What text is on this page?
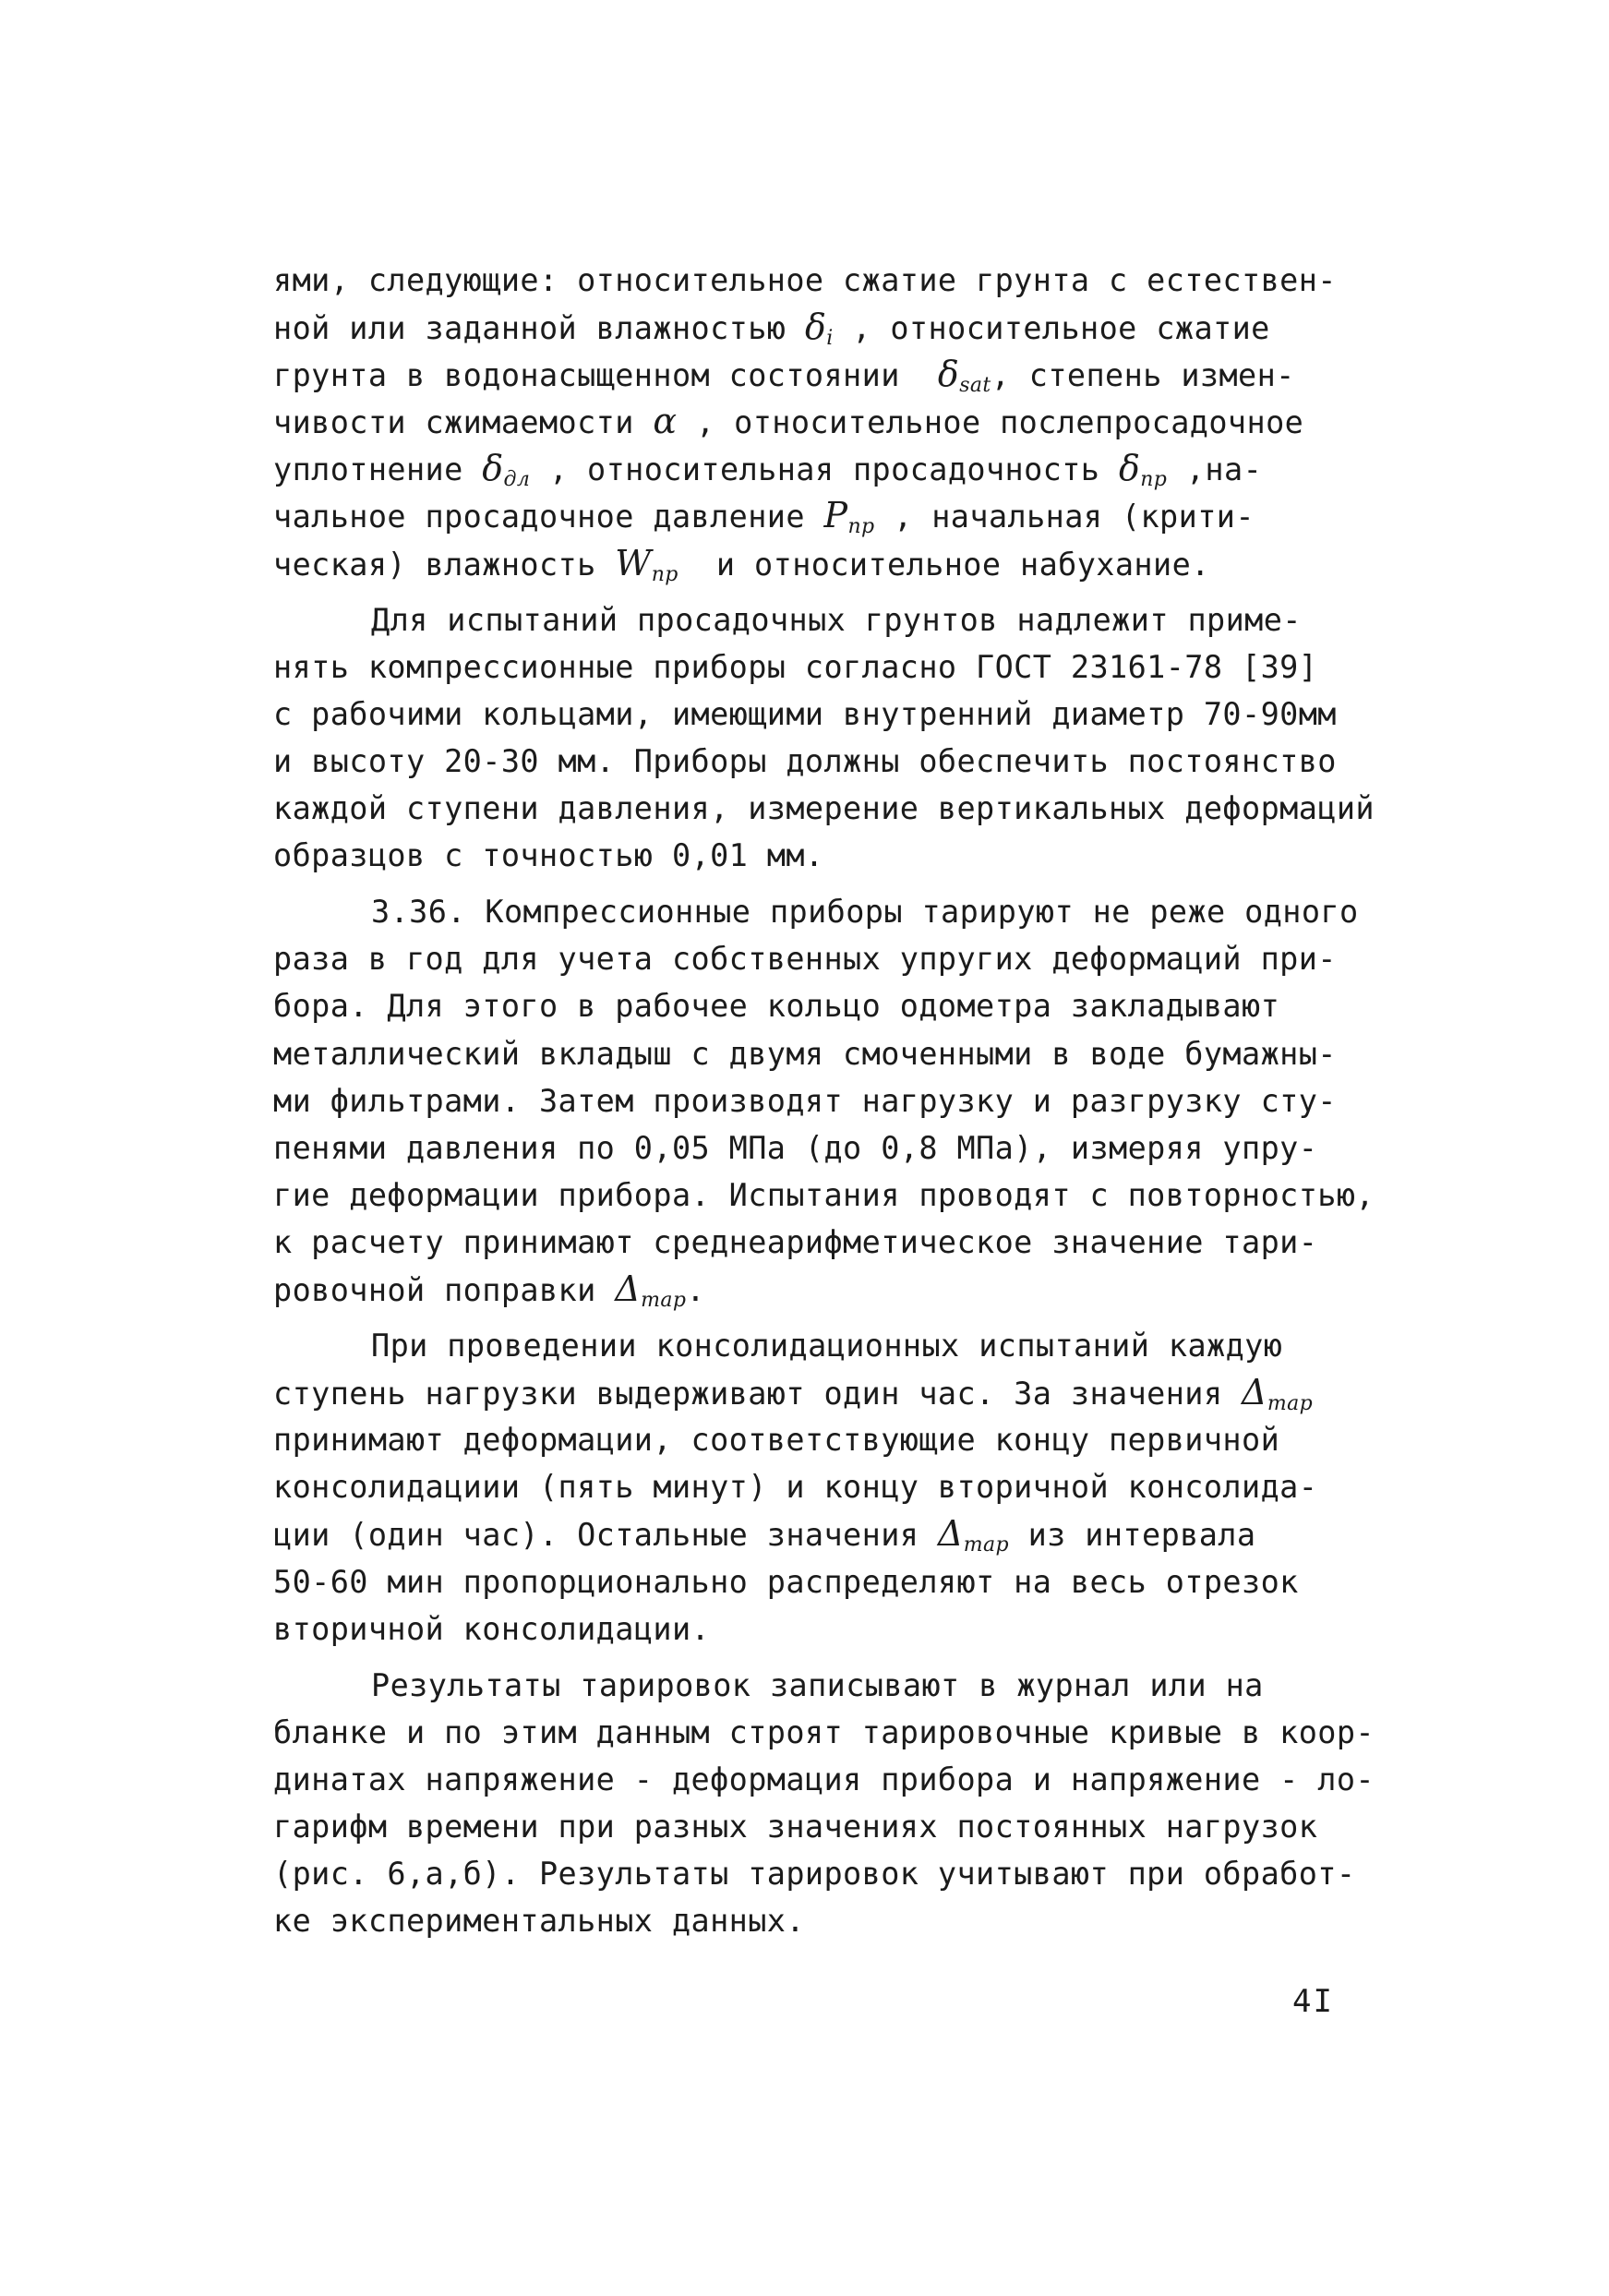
ями, следующие: относительное сжатие грунта с естествен-
ной или заданной влажностью $\delta_i$ , относительное сжатие
грунта в водонасыщенном состоянии  $\delta_{sat}$, степень измен-
чивости сжимаемости α , относительное послепросадочное
уплотнение $\delta_{дл}$ , относительная просадочность $\delta_{пр}$ ,на-
чальное просадочное давление $P_{пр}$ , начальная (крити-
ческая) влажность $W_{пр}$  и относительное набухание.
Для испытаний просадочных грунтов надлежит приме-
нять компрессионные приборы согласно ГОСТ 23161-78 [39]
с рабочими кольцами, имеющими внутренний диаметр 70-90мм
и высоту 20-30 мм. Приборы должны обеспечить постоянство
каждой ступени давления, измерение вертикальных деформаций
образцов с точностью 0,01 мм.
3.36. Компрессионные приборы тарируют не реже одного
раза в год для учета собственных упругих деформаций при-
бора. Для этого в рабочее кольцо одометра закладывают
металлический вкладыш с двумя смоченными в воде бумажны-
ми фильтрами. Затем производят нагрузку и разгрузку сту-
пенями давления по 0,05 МПа (до 0,8 МПа), измеряя упру-
гие деформации прибора. Испытания проводят с повторностью,
к расчету принимают среднеарифметическое значение тари-
ровочной поправки $\Delta_{тар}$.
При проведении консолидационных испытаний каждую
ступень нагрузки выдерживают один час. За значения $\Delta_{тар}$
принимают деформации, соответствующие концу первичной
консолидациии (пять минут) и концу вторичной консолида-
ции (один час). Остальные значения $\Delta_{тар}$ из интервала
50-60 мин пропорционально распределяют на весь отрезок
вторичной консолидации.
Результаты тарировок записывают в журнал или на
бланке и по этим данным строят тарировочные кривые в коор-
динатах напряжение - деформация прибора и напряжение - ло-
гарифм времени при разных значениях постоянных нагрузок
(рис. 6,а,б). Результаты тарировок учитывают при обработ-
ке экспериментальных данных.
4I
